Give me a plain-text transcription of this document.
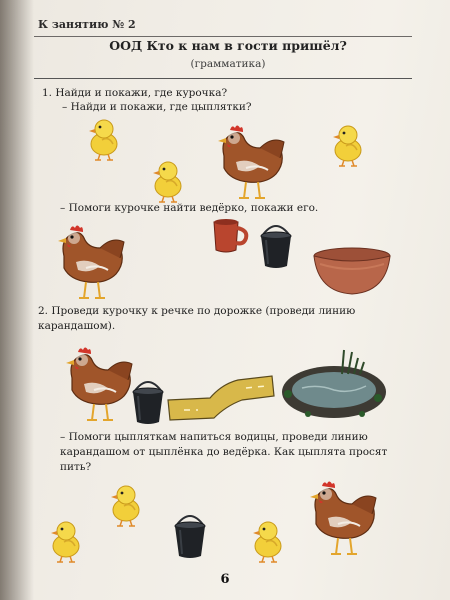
К занятию № 2
ООД Кто к нам в гости пришёл?
(грамматика)
1. Найди и покажи, где курочка?
– Найди и покажи, где цыплятки?
– Помоги курочке найти ведёрко, покажи его.
2. Проведи курочку к речке по дорожке (проведи линию карандашом).
– Помоги цыпляткам напиться водицы, проведи линию карандашом от цыплёнка до ведёрка. Как цыплята просят пить?
6
